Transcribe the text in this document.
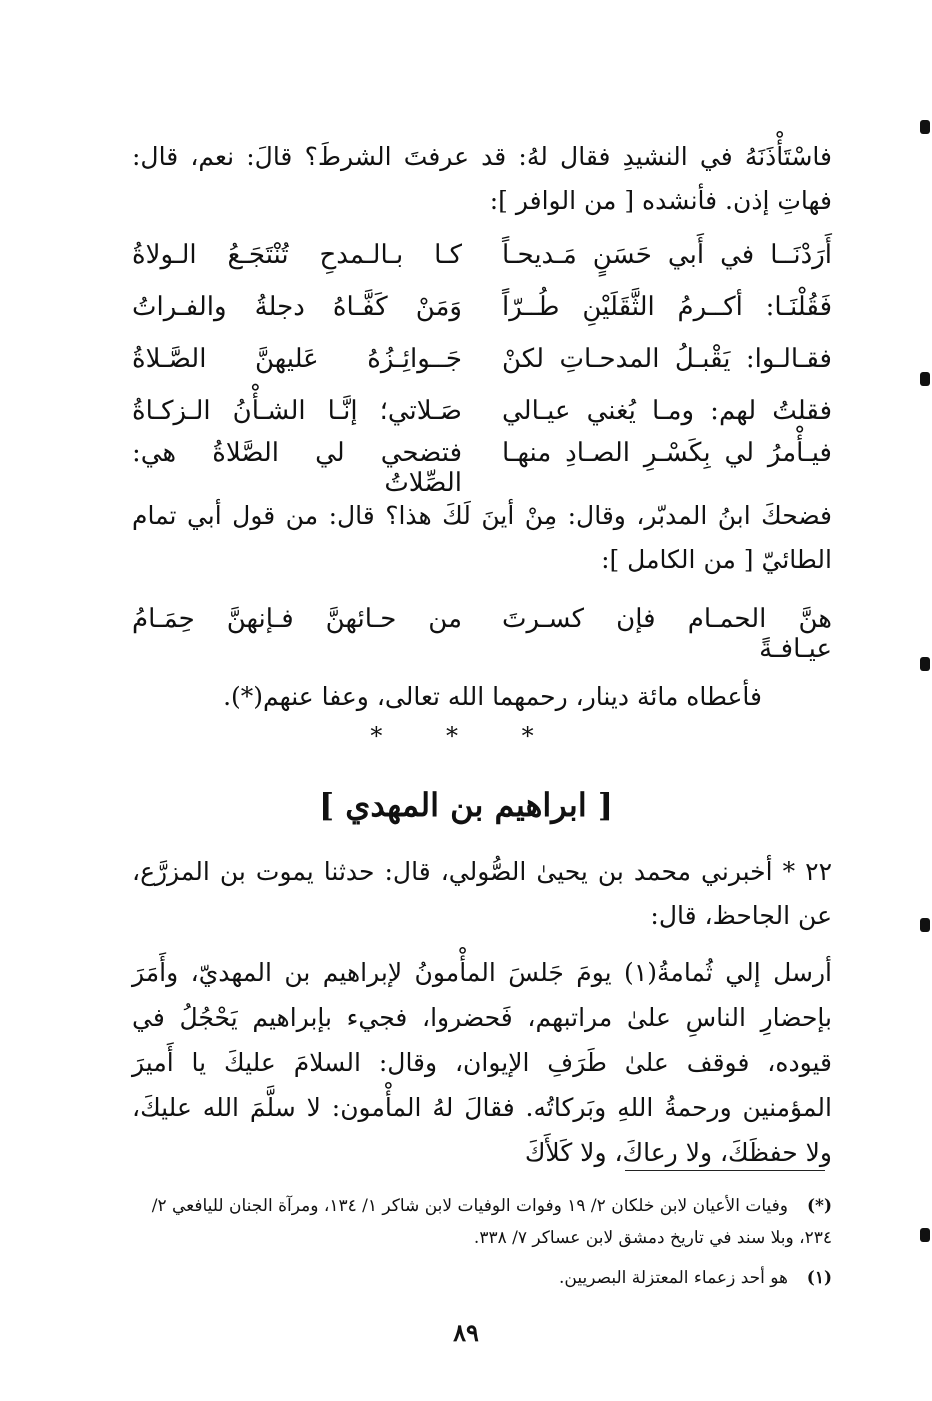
فاسْتَأْذَنَهُ في النشيدِ فقال لهُ: قد عرفتَ الشرطَ؟ قالَ: نعم، قال: فهاتِ إذن. فأنشده [ من الوافر ]:
أَرَدْنَــا في أَبي حَسَنٍ مَـديحـاً
كـا بـالـمدحِ تُنْتَجَـعُ الـولاةُ
فَقُلْنَـا: أكــرمُ الثَّقَلَيْنِ طُــرّاً
وَمَنْ كَفَّـاهُ دجلةُ والفـراتُ
فقـالـوا: يَقْبـلُ المدحـاتِ لكنْ
جَــوائِـزُهُ عَليهنَّ الصَّـلاةُ
فقلتُ لهم: ومـا يُغني عيـالي
صَـلاتي؛ إنَّـا الشـأْنُ الـزكـاةُ
فيـأْمرُ لي بِكَسْـرِ الصـادِ منهـا
فتضحي لي الصَّلاةُ هي: الصِّلاتُ
فضحكَ ابنُ المدبّر، وقال: مِنْ أينَ لَكَ هذا؟ قال: من قول أبي تمام الطائيّ [ من الكامل ]:
هنَّ الحمـام فإن كسـرتَ عيـافـةً
من حـائهنَّ فـإنهنَّ حِمَـامُ
فأعطاه مائة دينار، رحمهما الله تعالى، وعفا عنهم(*).
* * *
[ ابراهيم بن المهدي ]
٢٢ * أخبرني محمد بن يحيىٰ الصُّولي، قال: حدثنا يموت بن المزرَّع، عن الجاحظ، قال:
أرسل إلي ثُمامةُ(١) يومَ جَلسَ المأْمونُ لإبراهيم بن المهديّ، وأَمَرَ بإحضارِ الناسِ علىٰ مراتبهم، فَحضروا، فجيء بإبراهيم يَحْجُلُ في قيوده، فوقف علىٰ طَرَفِ الإيوان، وقال: السلامَ عليكَ يا أَميرَ المؤمنين ورحمةُ اللهِ وبَركاتُه. فقالَ لهُ المأْمون: لا سلَّمَ الله عليكَ، ولا حفظَكَ، ولا رعاكَ، ولا كَلأَكَ
(*)وفيات الأعيان لابن خلكان ٢/ ١٩ وفوات الوفيات لابن شاكر ١/ ١٣٤، ومرآة الجنان لليافعي ٢/ ٢٣٤، وبلا سند في تاريخ دمشق لابن عساكر ٧/ ٣٣٨.
(١)هو أحد زعماء المعتزلة البصريين.
٨٩
